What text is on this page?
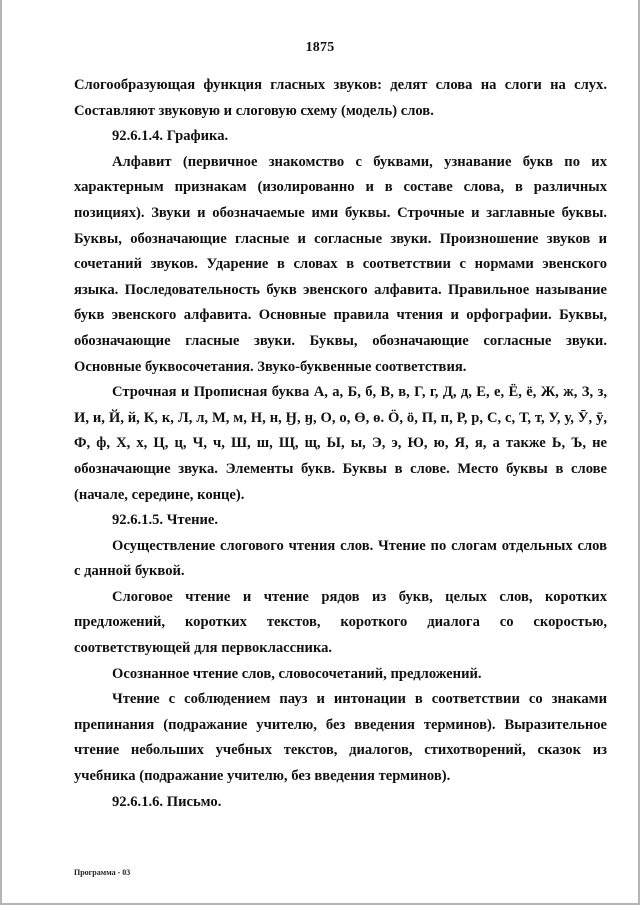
1875

Слогообразующая функция гласных звуков: делят слова на слоги на слух. Составляют звуковую и слоговую схему (модель) слов.

92.6.1.4. Графика.

Алфавит (первичное знакомство с буквами, узнавание букв по их характерным признакам (изолированно и в составе слова, в различных позициях). Звуки и обозначаемые ими буквы. Строчные и заглавные буквы. Буквы, обозначающие гласные и согласные звуки. Произношение звуков и сочетаний звуков. Ударение в словах в соответствии с нормами эвенского языка. Последовательность букв эвенского алфавита. Правильное называние букв эвенского алфавита. Основные правила чтения и орфографии. Буквы, обозначающие гласные звуки. Буквы, обозначающие согласные звуки. Основные буквосочетания. Звуко-буквенные соответствия.

Строчная и Прописная буква А, а, Б, б, В, в, Г, г, Д, д, Е, е, Ё, ё, Ж, ж, З, з, И, и, Й, й, К, к, Л, л, М, м, Н, н, Ӈ, ӈ, О, о, Ө, ө. Ӧ, ӧ, П, п, Р, р, С, с, Т, т, У, у, Ӯ, ӯ, Ф, ф, Х, х, Ц, ц, Ч, ч, Ш, ш, Щ, щ, Ы, ы, Э, э, Ю, ю, Я, я, а также Ь, Ъ, не обозначающие звука. Элементы букв. Буквы в слове. Место буквы в слове (начале, середине, конце).

92.6.1.5. Чтение.

Осуществление слогового чтения слов. Чтение по слогам отдельных слов с данной буквой.

Слоговое чтение и чтение рядов из букв, целых слов, коротких предложений, коротких текстов, короткого диалога со скоростью, соответствующей для первоклассника.

Осознанное чтение слов, словосочетаний, предложений.

Чтение с соблюдением пауз и интонации в соответствии со знаками препинания (подражание учителю, без введения терминов). Выразительное чтение небольших учебных текстов, диалогов, стихотворений, сказок из учебника (подражание учителю, без введения терминов).

92.6.1.6. Письмо.

Программа - 03
